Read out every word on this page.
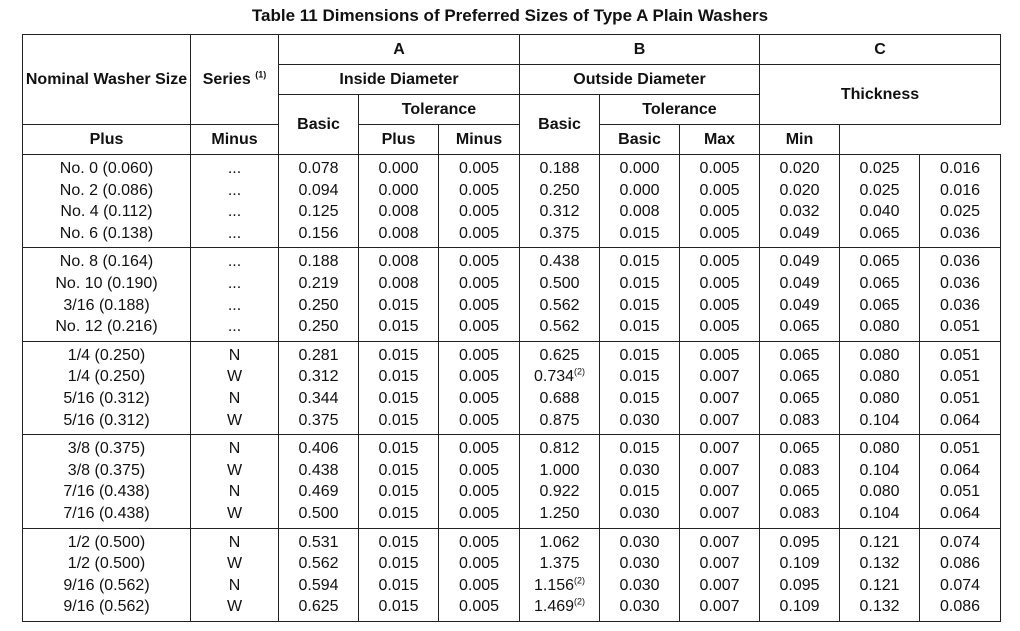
Table 11 Dimensions of Preferred Sizes of Type A Plain Washers
Nominal Washer Size	Series $^{(1)}$	A			B			C		
		Inside Diameter			Outside Diameter			Thickness		
		Basic	Tolerance		Basic	Tolerance				
Plus	Minus		Plus	Minus		Basic	Max	Min		
No. 0 (0.060)	...	0.078	0.000	0.005	0.188	0.000	0.005	0.020	0.025	0.016
No. 2 (0.086)	...	0.094	0.000	0.005	0.250	0.000	0.005	0.020	0.025	0.016
No. 4 (0.112)	...	0.125	0.008	0.005	0.312	0.008	0.005	0.032	0.040	0.025
No. 6 (0.138)	...	0.156	0.008	0.005	0.375	0.015	0.005	0.049	0.065	0.036
No. 8 (0.164)	...	0.188	0.008	0.005	0.438	0.015	0.005	0.049	0.065	0.036
No. 10 (0.190)	...	0.219	0.008	0.005	0.500	0.015	0.005	0.049	0.065	0.036
3/16 (0.188)	...	0.250	0.015	0.005	0.562	0.015	0.005	0.049	0.065	0.036
No. 12 (0.216)	...	0.250	0.015	0.005	0.562	0.015	0.005	0.065	0.080	0.051
1/4 (0.250)	N	0.281	0.015	0.005	0.625	0.015	0.005	0.065	0.080	0.051
1/4 (0.250)	W	0.312	0.015	0.005	0.734$^{(2)}$	0.015	0.007	0.065	0.080	0.051
5/16 (0.312)	N	0.344	0.015	0.005	0.688	0.015	0.007	0.065	0.080	0.051
5/16 (0.312)	W	0.375	0.015	0.005	0.875	0.030	0.007	0.083	0.104	0.064
3/8 (0.375)	N	0.406	0.015	0.005	0.812	0.015	0.007	0.065	0.080	0.051
3/8 (0.375)	W	0.438	0.015	0.005	1.000	0.030	0.007	0.083	0.104	0.064
7/16 (0.438)	N	0.469	0.015	0.005	0.922	0.015	0.007	0.065	0.080	0.051
7/16 (0.438)	W	0.500	0.015	0.005	1.250	0.030	0.007	0.083	0.104	0.064
1/2 (0.500)	N	0.531	0.015	0.005	1.062	0.030	0.007	0.095	0.121	0.074
1/2 (0.500)	W	0.562	0.015	0.005	1.375	0.030	0.007	0.109	0.132	0.086
9/16 (0.562)	N	0.594	0.015	0.005	1.156$^{(2)}$	0.030	0.007	0.095	0.121	0.074
9/16 (0.562)	W	0.625	0.015	0.005	1.469$^{(2)}$	0.030	0.007	0.109	0.132	0.086
